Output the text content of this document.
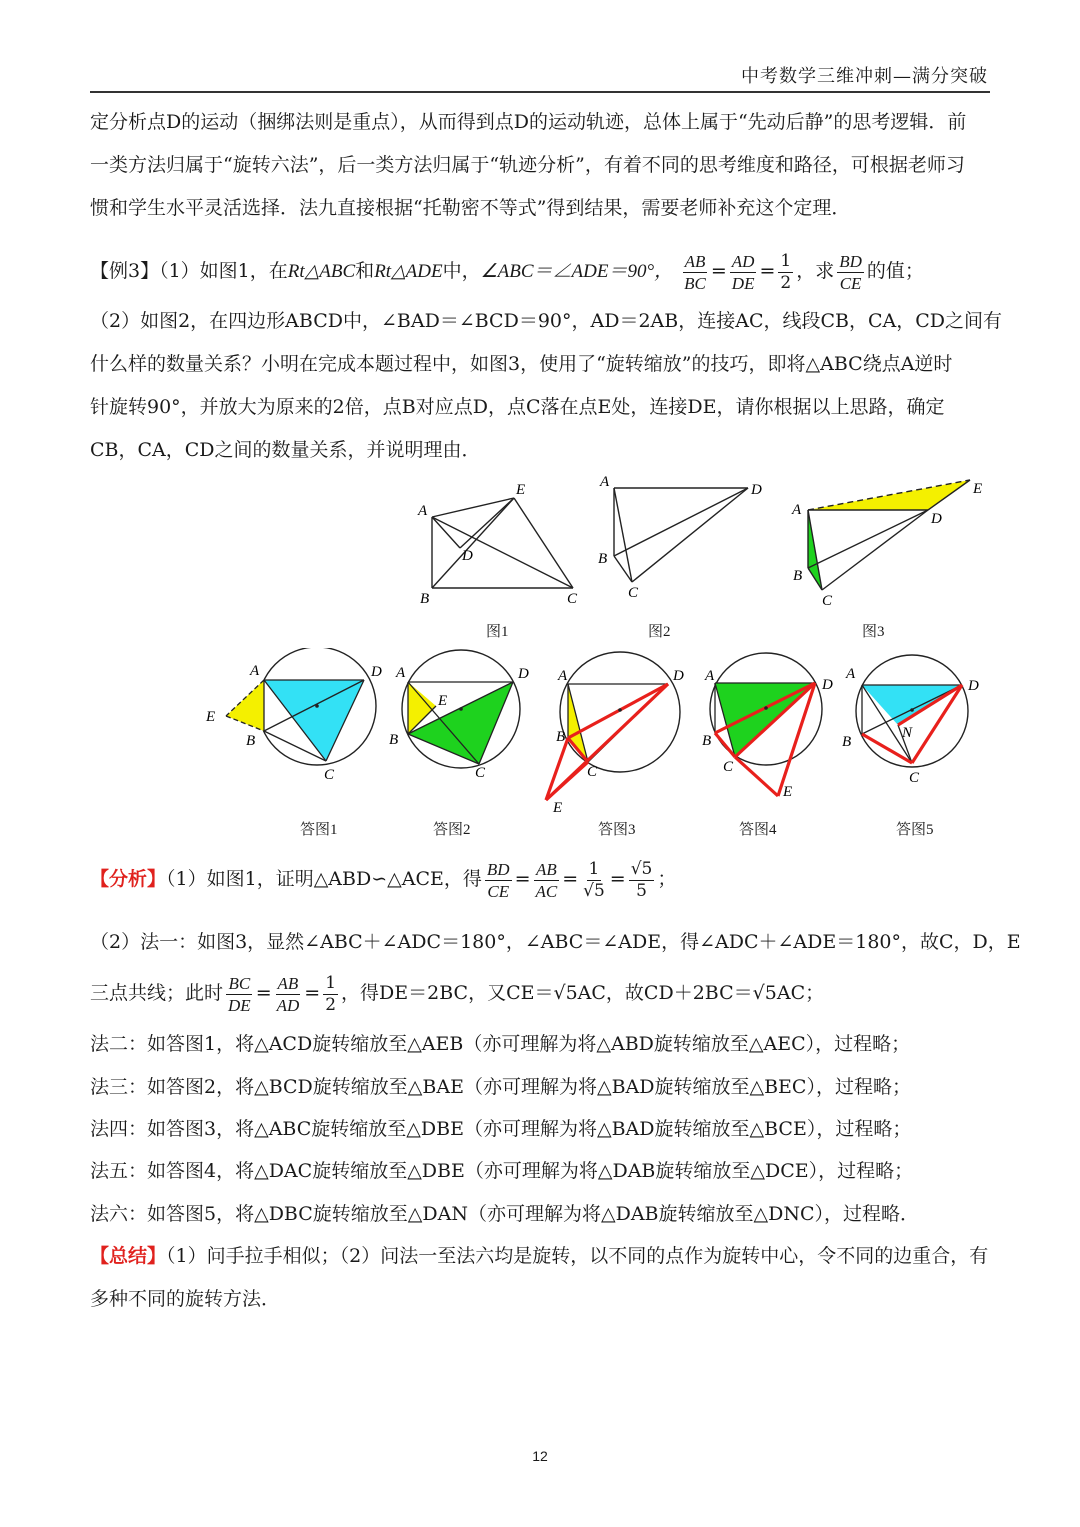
中考数学三维冲刺—满分突破
定分析点D的运动（捆绑法则是重点），从而得到点D的运动轨迹，总体上属于“先动后静”的思考逻辑．前
一类方法归属于“旋转六法”，后一类方法归属于“轨迹分析”，有着不同的思考维度和路径，可根据老师习
惯和学生水平灵活选择．法九直接根据“托勒密不等式”得到结果，需要老师补充这个定理．
【例3】（1）如图1，在Rt△ABC和Rt△ADE中，∠ABC＝∠ADE＝90°， $\frac{AB}{BC} = \frac{AD}{DE} = \frac{1}{2}$ ，求 $\frac{BD}{CE}$ 的值；
（2）如图2，在四边形ABCD中，∠BAD＝∠BCD＝90°，AD＝2AB，连接AC，线段CB，CA，CD之间有
什么样的数量关系？小明在完成本题过程中，如图3，使用了“旋转缩放”的技巧，即将△ABC绕点A逆时
针旋转90°，并放大为原来的2倍，点B对应点D，点C落在点E处，连接DE，请你根据以上思路，确定
CB，CA，CD之间的数量关系，并说明理由．
A
E
D
B	C
A	D
B
C
A
E
D
B
C
图1	图2	图3
A	D
E
B
C
A	D
E
B
C
A	D
B
C
E
A
D
B
C
E
A
D
B
N
C
答图1	答图2	答图3	答图4	答图5
【分析】（1）如图1，证明△ABD∽△ACE，得 $\frac{BD}{CE} = \frac{AB}{AC} = \frac{1}{√5} = \frac{√5}{5}$ ；
（2）法一：如图3，显然∠ABC＋∠ADC＝180°，∠ABC＝∠ADE，得∠ADC＋∠ADE＝180°，故C，D，E
三点共线；此时 $\frac{BC}{DE} = \frac{AB}{AD} = \frac{1}{2}$ ，得DE＝2BC，又CE＝√5AC，故CD＋2BC＝√5AC；
法二：如答图1，将△ACD旋转缩放至△AEB（亦可理解为将△ABD旋转缩放至△AEC），过程略；
法三：如答图2，将△BCD旋转缩放至△BAE（亦可理解为将△BAD旋转缩放至△BEC），过程略；
法四：如答图3，将△ABC旋转缩放至△DBE（亦可理解为将△BAD旋转缩放至△BCE），过程略；
法五：如答图4，将△DAC旋转缩放至△DBE（亦可理解为将△DAB旋转缩放至△DCE），过程略；
法六：如答图5，将△DBC旋转缩放至△DAN（亦可理解为将△DAB旋转缩放至△DNC），过程略．
【总结】（1）问手拉手相似；（2）问法一至法六均是旋转，以不同的点作为旋转中心，令不同的边重合，有
多种不同的旋转方法．
12
